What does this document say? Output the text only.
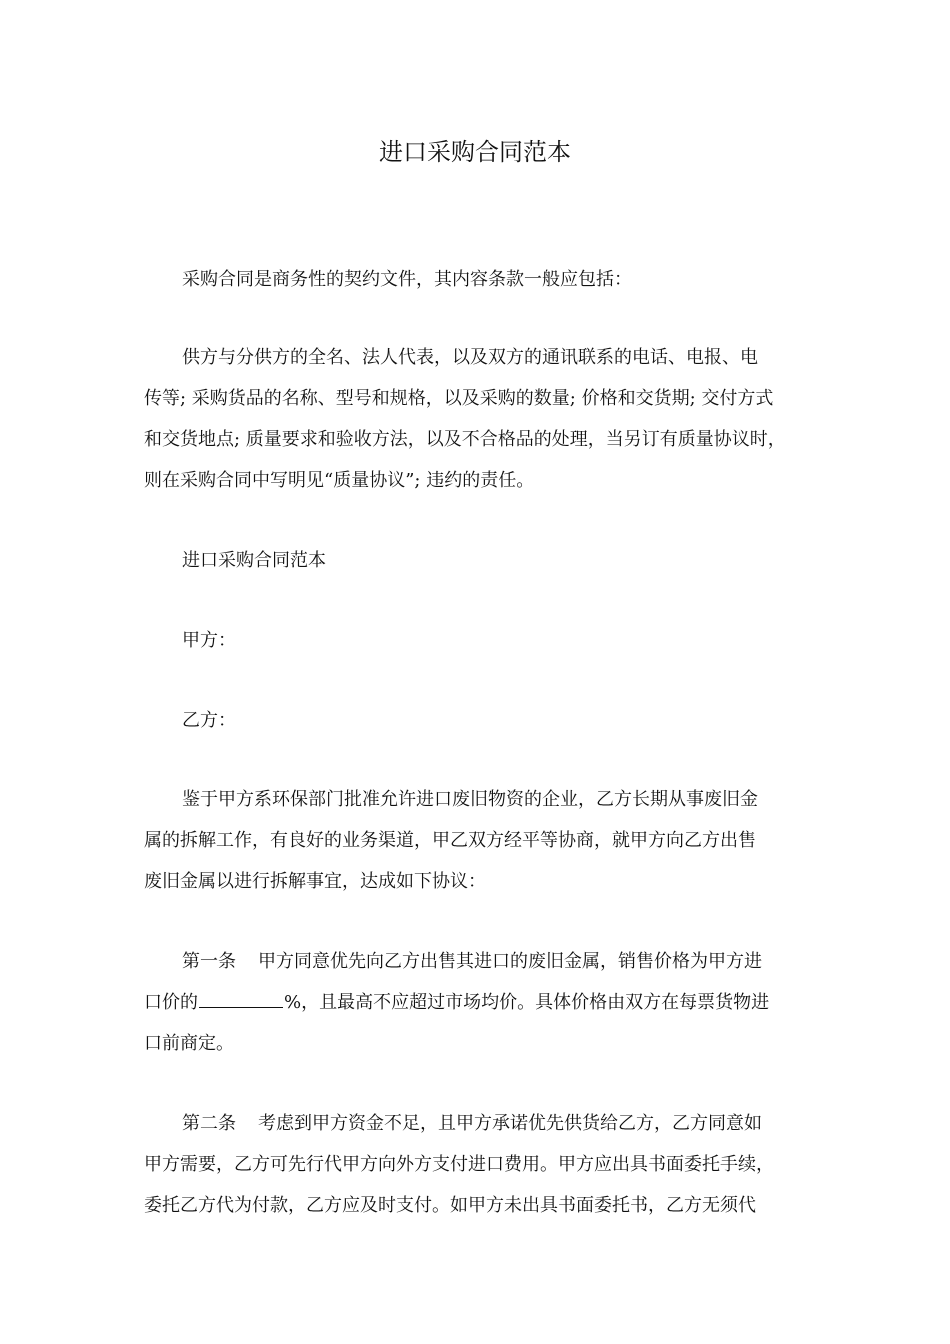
进口采购合同范本
采购合同是商务性的契约文件，其内容条款一般应包括：
供方与分供方的全名、法人代表，以及双方的通讯联系的电话、电报、电
传等; 采购货品的名称、型号和规格，以及采购的数量; 价格和交货期; 交付方式
和交货地点; 质量要求和验收方法，以及不合格品的处理，当另订有质量协议时，
则在采购合同中写明见“质量协议”; 违约的责任。
进口采购合同范本
甲方：
乙方：
鉴于甲方系环保部门批准允许进口废旧物资的企业，乙方长期从事废旧金
属的拆解工作，有良好的业务渠道，甲乙双方经平等协商，就甲方向乙方出售
废旧金属以进行拆解事宜，达成如下协议：
第一条 甲方同意优先向乙方出售其进口的废旧金属，销售价格为甲方进
口价的	%，且最高不应超过市场均价。具体价格由双方在每票货物进
口前商定。
第二条 考虑到甲方资金不足，且甲方承诺优先供货给乙方，乙方同意如
甲方需要，乙方可先行代甲方向外方支付进口费用。甲方应出具书面委托手续，
委托乙方代为付款，乙方应及时支付。如甲方未出具书面委托书，乙方无须代
